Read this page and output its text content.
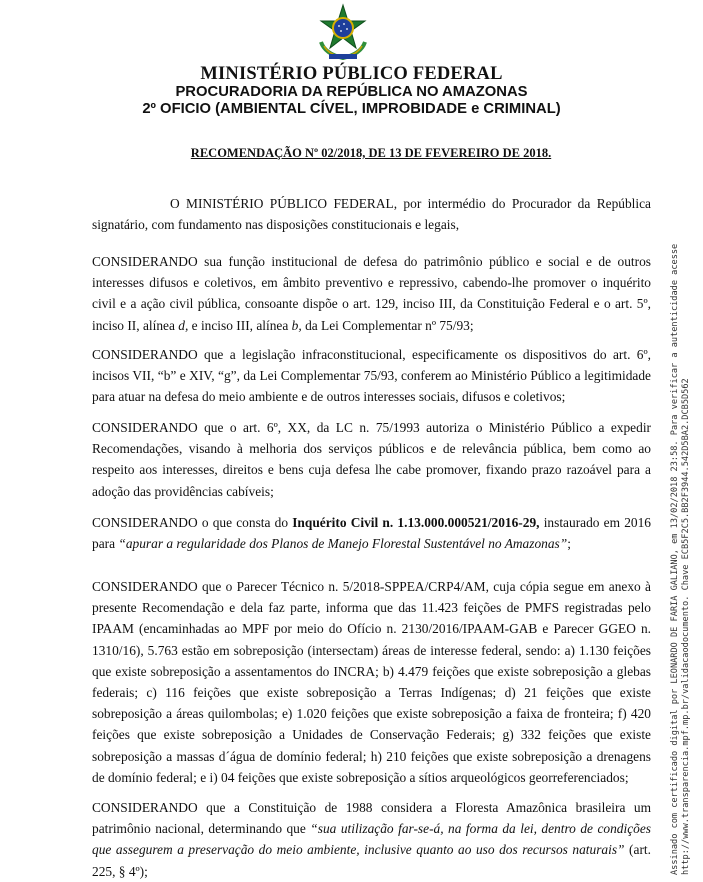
MINISTÉRIO PÚBLICO FEDERAL
PROCURADORIA DA REPÚBLICA NO AMAZONAS
2º OFICIO (AMBIENTAL CÍVEL, IMPROBIDADE e CRIMINAL)
RECOMENDAÇÃO Nº 02/2018, DE 13 DE FEVEREIRO DE 2018.

O MINISTÉRIO PÚBLICO FEDERAL, por intermédio do Procurador da República signatário, com fundamento nas disposições constitucionais e legais,

CONSIDERANDO sua função institucional de defesa do patrimônio público e social e de outros interesses difusos e coletivos, em âmbito preventivo e repressivo, cabendo-lhe promover o inquérito civil e a ação civil pública, consoante dispõe o art. 129, inciso III, da Constituição Federal e o art. 5º, inciso II, alínea d, e inciso III, alínea b, da Lei Complementar nº 75/93;

CONSIDERANDO que a legislação infraconstitucional, especificamente os dispositivos do art. 6º, incisos VII, “b” e XIV, “g”, da Lei Complementar 75/93, conferem ao Ministério Público a legitimidade para atuar na defesa do meio ambiente e de outros interesses sociais, difusos e coletivos;

CONSIDERANDO que o art. 6º, XX, da LC n. 75/1993 autoriza o Ministério Público a expedir Recomendações, visando à melhoria dos serviços públicos e de relevância pública, bem como ao respeito aos interesses, direitos e bens cuja defesa lhe cabe promover, fixando prazo razoável para a adoção das providências cabíveis;

CONSIDERANDO o que consta do Inquérito Civil n. 1.13.000.000521/2016-29, instaurado em 2016 para “apurar a regularidade dos Planos de Manejo Florestal Sustentável no Amazonas”;

CONSIDERANDO que o Parecer Técnico n. 5/2018-SPPEA/CRP4/AM, cuja cópia segue em anexo à presente Recomendação e dela faz parte, informa que das 11.423 feições de PMFS registradas pelo IPAAM (encaminhadas ao MPF por meio do Ofício n. 2130/2016/IPAAM-GAB e Parecer GGEO n. 1310/16), 5.763 estão em sobreposição (intersectam) áreas de interesse federal, sendo: a) 1.130 feições que existe sobreposição a assentamentos do INCRA; b) 4.479 feições que existe sobreposição a glebas federais; c) 116 feições que existe sobreposição a Terras Indígenas; d) 21 feições que existe sobreposição a áreas quilombolas; e) 1.020 feições que existe sobreposição a faixa de fronteira; f) 420 feições que existe sobreposição a Unidades de Conservação Federais; g) 332 feições que existe sobreposição a massas d´água de domínio federal; h) 210 feições que existe sobreposição a drenagens de domínio federal; e i) 04 feições que existe sobreposição a sítios arqueológicos georreferenciados;

CONSIDERANDO que a Constituição de 1988 considera a Floresta Amazônica brasileira um patrimônio nacional, determinando que “sua utilização far-se-á, na forma da lei, dentro de condições que assegurem a preservação do meio ambiente, inclusive quanto ao uso dos recursos naturais” (art. 225, § 4º);	Assinado com certificado digital por LEONARDO DE FARIA GALIANO, em 13/02/2018 23:58. Para verificar a autenticidade acesse http://www.transparencia.mpf.mp.br/validacaodocumento. Chave ECB5F2C5.BB2F3944.542D5BA2.DCB5D562
